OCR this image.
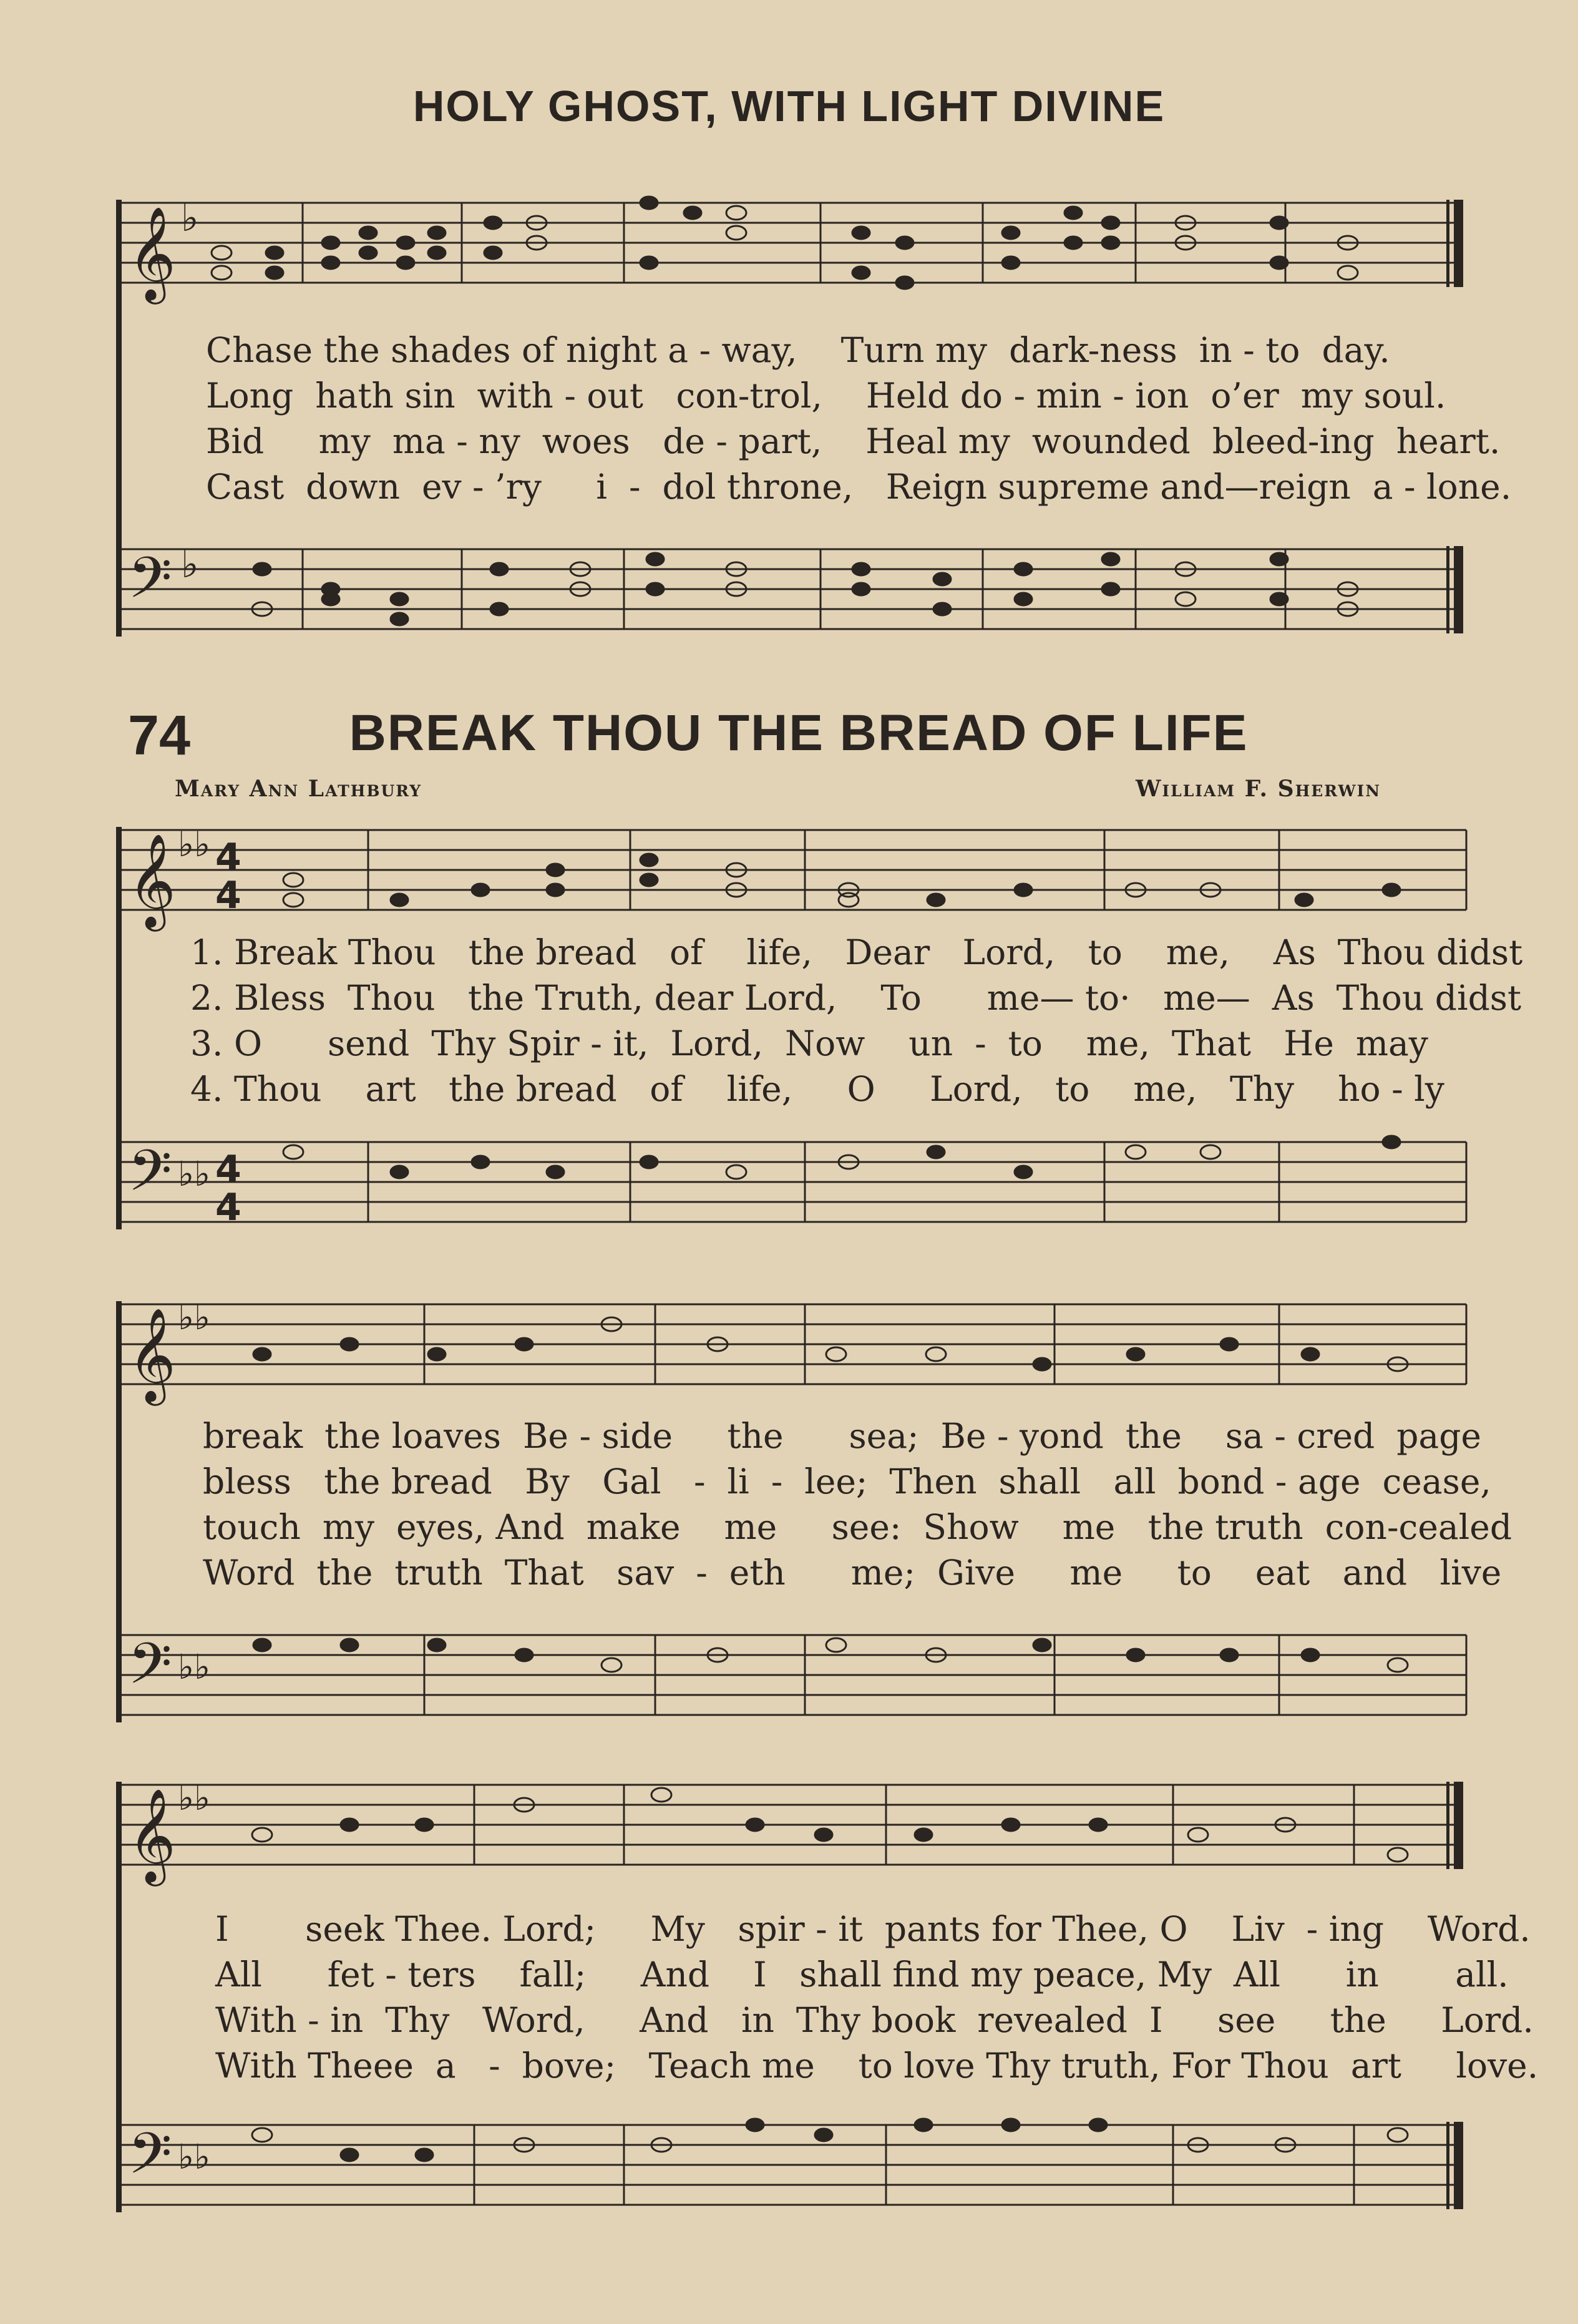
HOLY GHOST, WITH LIGHT DIVINE
𝄞
𝄢
♭
♭
Chase the shades of night a - way,    Turn my  dark-ness  in - to  day.
Long  hath sin  with - out   con-trol,    Held do - min - ion  o’er  my soul.
Bid     my  ma - ny  woes   de - part,    Heal my  wounded  bleed-ing  heart.
Cast  down  ev - ’ry     i  -  dol throne,   Reign supreme and—reign  a - lone.
74	BREAK THOU THE BREAD OF LIFE
Mary Ann Lathbury	William F. Sherwin
𝄞
𝄢
𝄞
𝄢
𝄞
𝄢
♭♭
♭♭
♭♭
♭♭
♭♭
♭♭
4
4
4
4
1. Break Thou   the bread   of    life,   Dear   Lord,   to    me,    As  Thou didst
2. Bless  Thou   the Truth, dear Lord,    To      me— to·   me—  As  Thou didst
3. O      send  Thy Spir - it,  Lord,  Now    un  -  to    me,  That   He  may
4. Thou    art   the bread   of    life,     O     Lord,   to    me,   Thy    ho - ly
break  the loaves  Be - side     the      sea;  Be - yond  the    sa - cred  page
bless   the bread   By   Gal   -  li  -  lee;  Then  shall   all  bond - age  cease,
touch  my  eyes, And  make    me     see:  Show    me   the truth  con-cealed
Word  the  truth  That   sav  -  eth      me;  Give     me     to    eat   and   live
I       seek Thee. Lord;     My   spir - it  pants for Thee, O    Liv  - ing    Word.
All      fet - ters    fall;     And    I   shall find my peace, My  All      in       all.
With - in  Thy   Word,     And   in  Thy book  revealed  I     see     the     Lord.
With Theee  a   -  bove;   Teach me    to love Thy truth, For Thou  art     love.
